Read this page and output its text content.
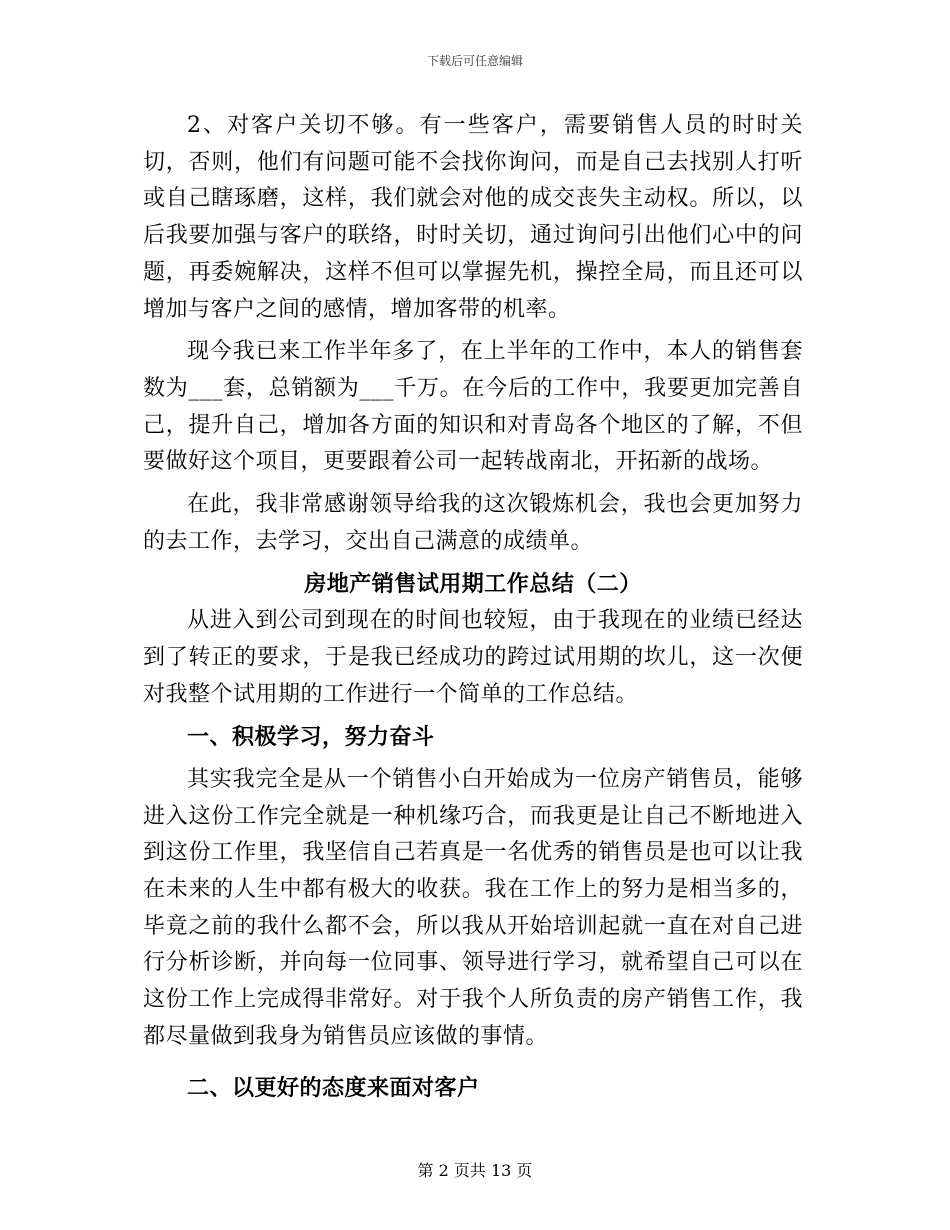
下载后可任意编辑

2、对客户关切不够。有一些客户，需要销售人员的时时关切，否则，他们有问题可能不会找你询问，而是自己去找别人打听或自己瞎琢磨，这样，我们就会对他的成交丧失主动权。所以，以后我要加强与客户的联络，时时关切，通过询问引出他们心中的问题，再委婉解决，这样不但可以掌握先机，操控全局，而且还可以增加与客户之间的感情，增加客带的机率。

现今我已来工作半年多了，在上半年的工作中，本人的销售套数为___套，总销额为___千万。在今后的工作中，我要更加完善自己，提升自己，增加各方面的知识和对青岛各个地区的了解，不但要做好这个项目，更要跟着公司一起转战南北，开拓新的战场。

在此，我非常感谢领导给我的这次锻炼机会，我也会更加努力的去工作，去学习，交出自己满意的成绩单。

房地产销售试用期工作总结（二）

从进入到公司到现在的时间也较短，由于我现在的业绩已经达到了转正的要求，于是我已经成功的跨过试用期的坎儿，这一次便对我整个试用期的工作进行一个简单的工作总结。

一、积极学习，努力奋斗

其实我完全是从一个销售小白开始成为一位房产销售员，能够进入这份工作完全就是一种机缘巧合，而我更是让自己不断地进入到这份工作里，我坚信自己若真是一名优秀的销售员是也可以让我在未来的人生中都有极大的收获。我在工作上的努力是相当多的，毕竟之前的我什么都不会，所以我从开始培训起就一直在对自己进行分析诊断，并向每一位同事、领导进行学习，就希望自己可以在这份工作上完成得非常好。对于我个人所负责的房产销售工作，我都尽量做到我身为销售员应该做的事情。

二、以更好的态度来面对客户

第 2 页共 13 页
